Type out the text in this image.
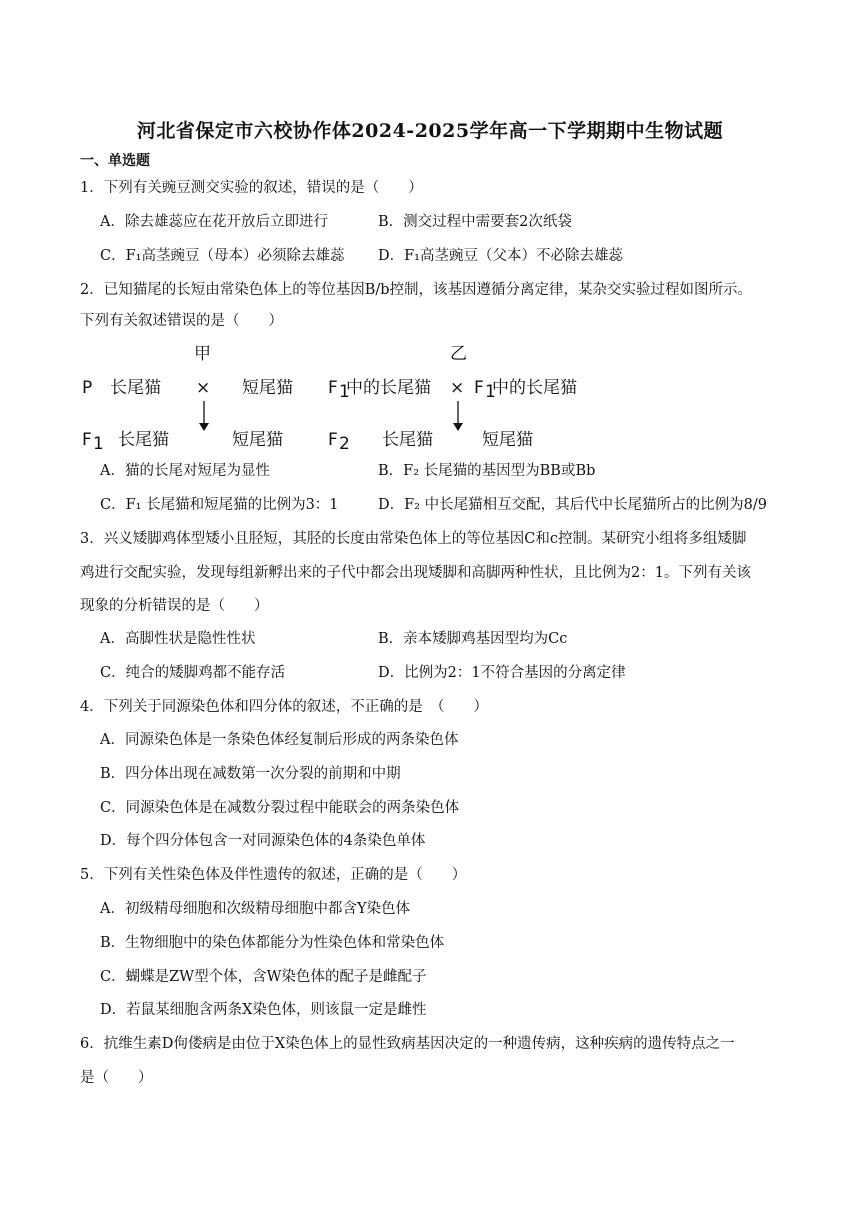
河北省保定市六校协作体2024-2025学年高一下学期期中生物试题
一、单选题
1．下列有关豌豆测交实验的叙述，错误的是（　　）
A．除去雄蕊应在花开放后立即进行	B．测交过程中需要套2次纸袋
C．F₁高茎豌豆（母本）必须除去雄蕊 D．F₁高茎豌豆（父本）不必除去雄蕊
2．已知猫尾的长短由常染色体上的等位基因B/b控制，该基因遵循分离定律，某杂交实验过程如图所示。
下列有关叙述错误的是（　　）
甲	乙
P 长尾猫 × 短尾猫 F 1
中的长尾猫 × F 1
中的长尾猫
F 1 长尾猫	短尾猫	F 2 长尾猫	短尾猫
A．猫的长尾对短尾为显性	B．F₂ 长尾猫的基因型为BB或Bb
C．F₁ 长尾猫和短尾猫的比例为3：1	D．F₂ 中长尾猫相互交配，其后代中长尾猫所占的比例为8/9
3．兴义矮脚鸡体型矮小且胫短，其胫的长度由常染色体上的等位基因C和c控制。某研究小组将多组矮脚
鸡进行交配实验，发现每组新孵出来的子代中都会出现矮脚和高脚两种性状，且比例为2：1。下列有关该
现象的分析错误的是（　　）
A．高脚性状是隐性性状	B．亲本矮脚鸡基因型均为Cc
C．纯合的矮脚鸡都不能存活	D．比例为2：1不符合基因的分离定律
4．下列关于同源染色体和四分体的叙述，不正确的是　（　　）
A．同源染色体是一条染色体经复制后形成的两条染色体
B．四分体出现在减数第一次分裂的前期和中期
C．同源染色体是在减数分裂过程中能联会的两条染色体
D．每个四分体包含一对同源染色体的4条染色单体
5．下列有关性染色体及伴性遗传的叙述，正确的是（　　）
A．初级精母细胞和次级精母细胞中都含Y染色体
B．生物细胞中的染色体都能分为性染色体和常染色体
C．蝴蝶是ZW型个体，含W染色体的配子是雌配子
D．若鼠某细胞含两条X染色体，则该鼠一定是雌性
6．抗维生素D佝偻病是由位于X染色体上的显性致病基因决定的一种遗传病，这种疾病的遗传特点之一
是（　　）
